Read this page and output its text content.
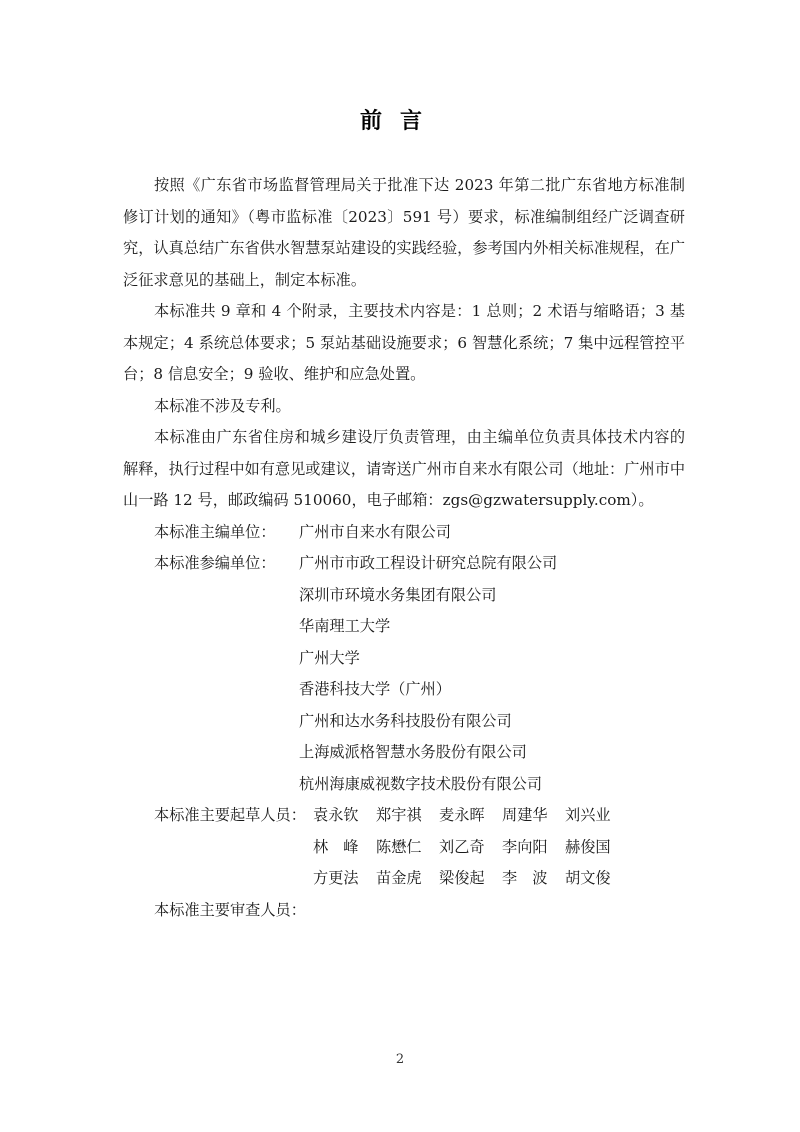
前言

按照《广东省市场监督管理局关于批准下达 2023 年第二批广东省地方标准制修订计划的通知》（粤市监标准〔2023〕591 号）要求，标准编制组经广泛调查研究，认真总结广东省供水智慧泵站建设的实践经验，参考国内外相关标准规程，在广泛征求意见的基础上，制定本标准。

本标准共 9 章和 4 个附录，主要技术内容是：1 总则；2 术语与缩略语；3 基本规定；4 系统总体要求；5 泵站基础设施要求；6 智慧化系统；7 集中远程管控平台；8 信息安全；9 验收、维护和应急处置。

本标准不涉及专利。

本标准由广东省住房和城乡建设厅负责管理，由主编单位负责具体技术内容的解释，执行过程中如有意见或建议，请寄送广州市自来水有限公司（地址：广州市中山一路 12 号，邮政编码 510060，电子邮箱：zgs@gzwatersupply.com）。

本标准主编单位：	广州市自来水有限公司
本标准参编单位：	广州市市政工程设计研究总院有限公司
深圳市环境水务集团有限公司
华南理工大学
广州大学
香港科技大学（广州）
广州和达水务科技股份有限公司
上海威派格智慧水务股份有限公司
杭州海康威视数字技术股份有限公司
本标准主要起草人员： 袁永钦	郑宇祺	麦永晖	周建华	刘兴业
林峰 陈懋仁	刘乙奇	李向阳	赫俊国
方更法	苗金虎	梁俊起	李波 胡文俊
本标准主要审查人员：
2
